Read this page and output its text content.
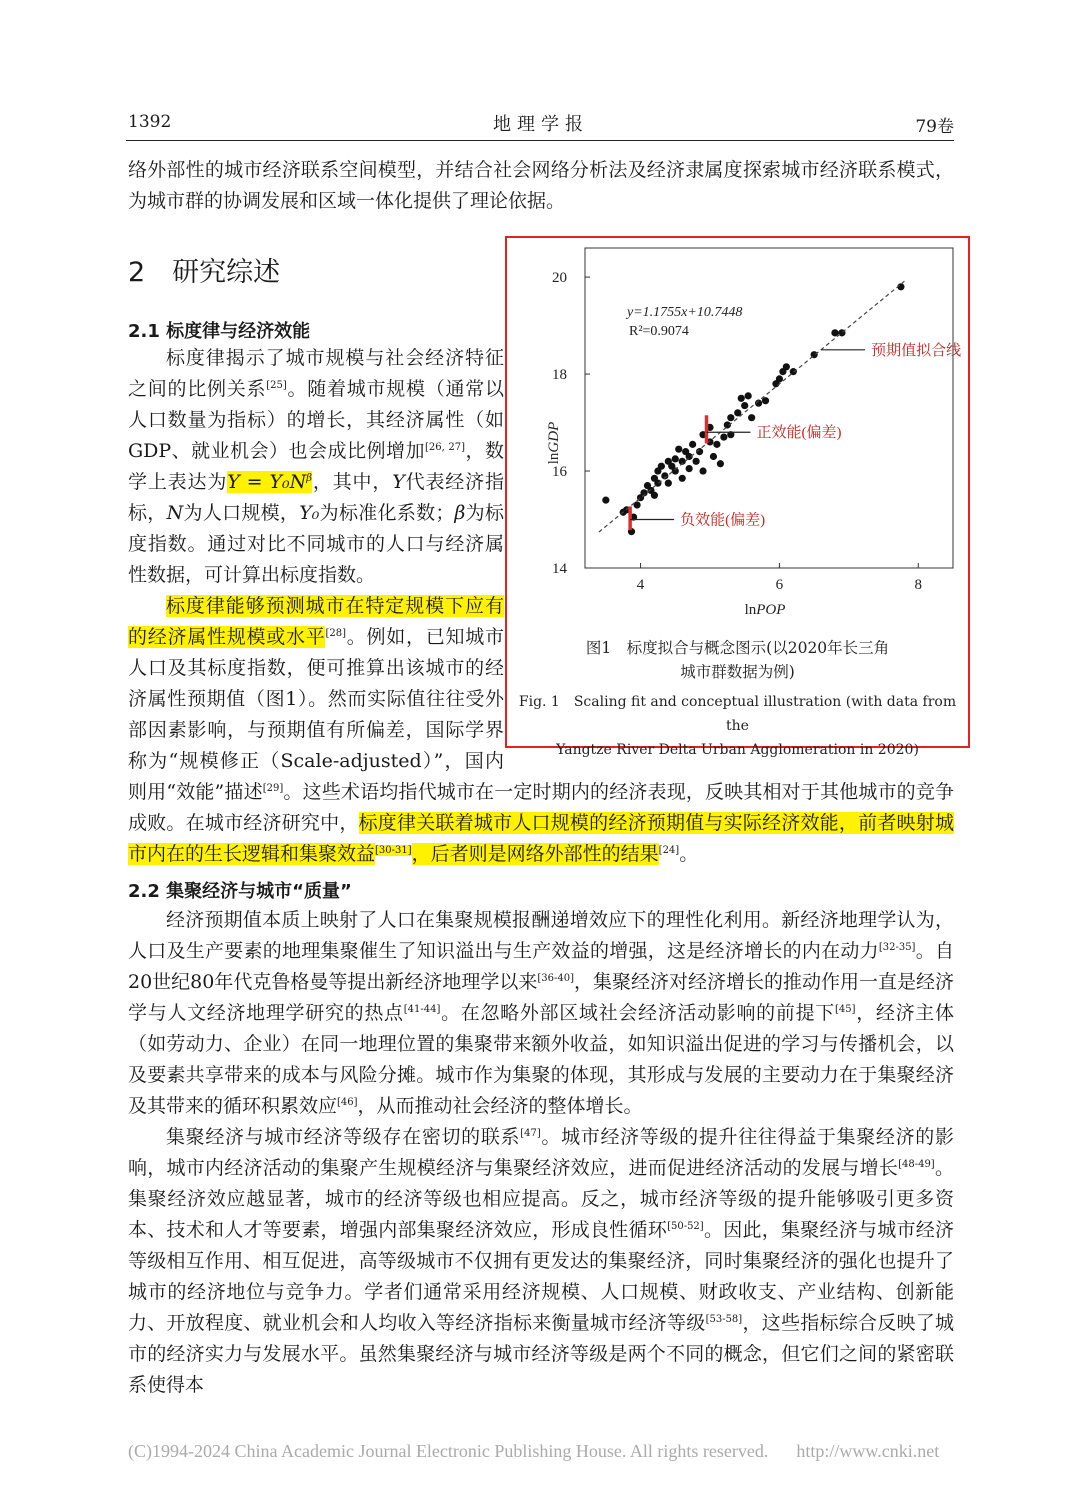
1392	地理学报	79卷

络外部性的城市经济联系空间模型，并结合社会网络分析法及经济隶属度探索城市经济联系模式，为城市群的协调发展和区域一体化提供了理论依据。

2　研究综述
2.1 标度律与经济效能

标度律揭示了城市规模与社会经济特征之间的比例关系[25]。随着城市规模（通常以人口数量为指标）的增长，其经济属性（如GDP、就业机会）也会成比例增加[26, 27]，数学上表达为$Y = Y_0N^\beta$，其中，Y代表经济指标，N为人口规模，Y₀为标准化系数；β为标度指数。通过对比不同城市的人口与经济属性数据，可计算出标度指数。

标度律能够预测城市在特定规模下应有的经济属性规模或水平[28]。例如，已知城市人口及其标度指数，便可推算出该城市的经济属性预期值（图1）。然而实际值往往受外部因素影响，与预期值有所偏差，国际学界称为“规模修正（Scale-adjusted）”，国内则用“效能”描述[29]。这些术语均指代城市在一定时期内的经济表现，反映其相对于其他城市的竞争成败。在城市经济研究中，标度律关联着城市人口规模的经济预期值与实际经济效能，前者映射城市内在的生长逻辑和集聚效益[30-31]，后者则是网络外部性的结果[24]。

2.2 集聚经济与城市“质量”

经济预期值本质上映射了人口在集聚规模报酬递增效应下的理性化利用。新经济地理学认为，人口及生产要素的地理集聚催生了知识溢出与生产效益的增强，这是经济增长的内在动力[32-35]。自20世纪80年代克鲁格曼等提出新经济地理学以来[36-40]，集聚经济对经济增长的推动作用一直是经济学与人文经济地理学研究的热点[41-44]。在忽略外部区域社会经济活动影响的前提下[45]，经济主体（如劳动力、企业）在同一地理位置的集聚带来额外收益，如知识溢出促进的学习与传播机会，以及要素共享带来的成本与风险分摊。城市作为集聚的体现，其形成与发展的主要动力在于集聚经济及其带来的循环积累效应[46]，从而推动社会经济的整体增长。

集聚经济与城市经济等级存在密切的联系[47]。城市经济等级的提升往往得益于集聚经济的影响，城市内经济活动的集聚产生规模经济与集聚经济效应，进而促进经济活动的发展与增长[48-49]。集聚经济效应越显著，城市的经济等级也相应提高。反之，城市经济等级的提升能够吸引更多资本、技术和人才等要素，增强内部集聚经济效应，形成良性循环[50-52]。因此，集聚经济与城市经济等级相互作用、相互促进，高等级城市不仅拥有更发达的集聚经济，同时集聚经济的强化也提升了城市的经济地位与竞争力。学者们通常采用经济规模、人口规模、财政收支、产业结构、创新能力、开放程度、就业机会和人均收入等经济指标来衡量城市经济等级[53-58]，这些指标综合反映了城市的经济实力与发展水平。虽然集聚经济与城市经济等级是两个不同的概念，但它们之间的紧密联系使得本

预期值拟合线
正效能(偏差)
负效能(偏差)
4	6	8
14
16
18
20
y=1.1755x+10.7448
R²=0.9074
lnGDP
lnPOP
图1　标度拟合与概念图示(以2020年长三角
城市群数据为例)
Fig. 1　Scaling fit and conceptual illustration (with data from the
Yangtze River Delta Urban Agglomeration in 2020)
(C)1994-2024 China Academic Journal Electronic Publishing House. All rights reserved. http://www.cnki.net
